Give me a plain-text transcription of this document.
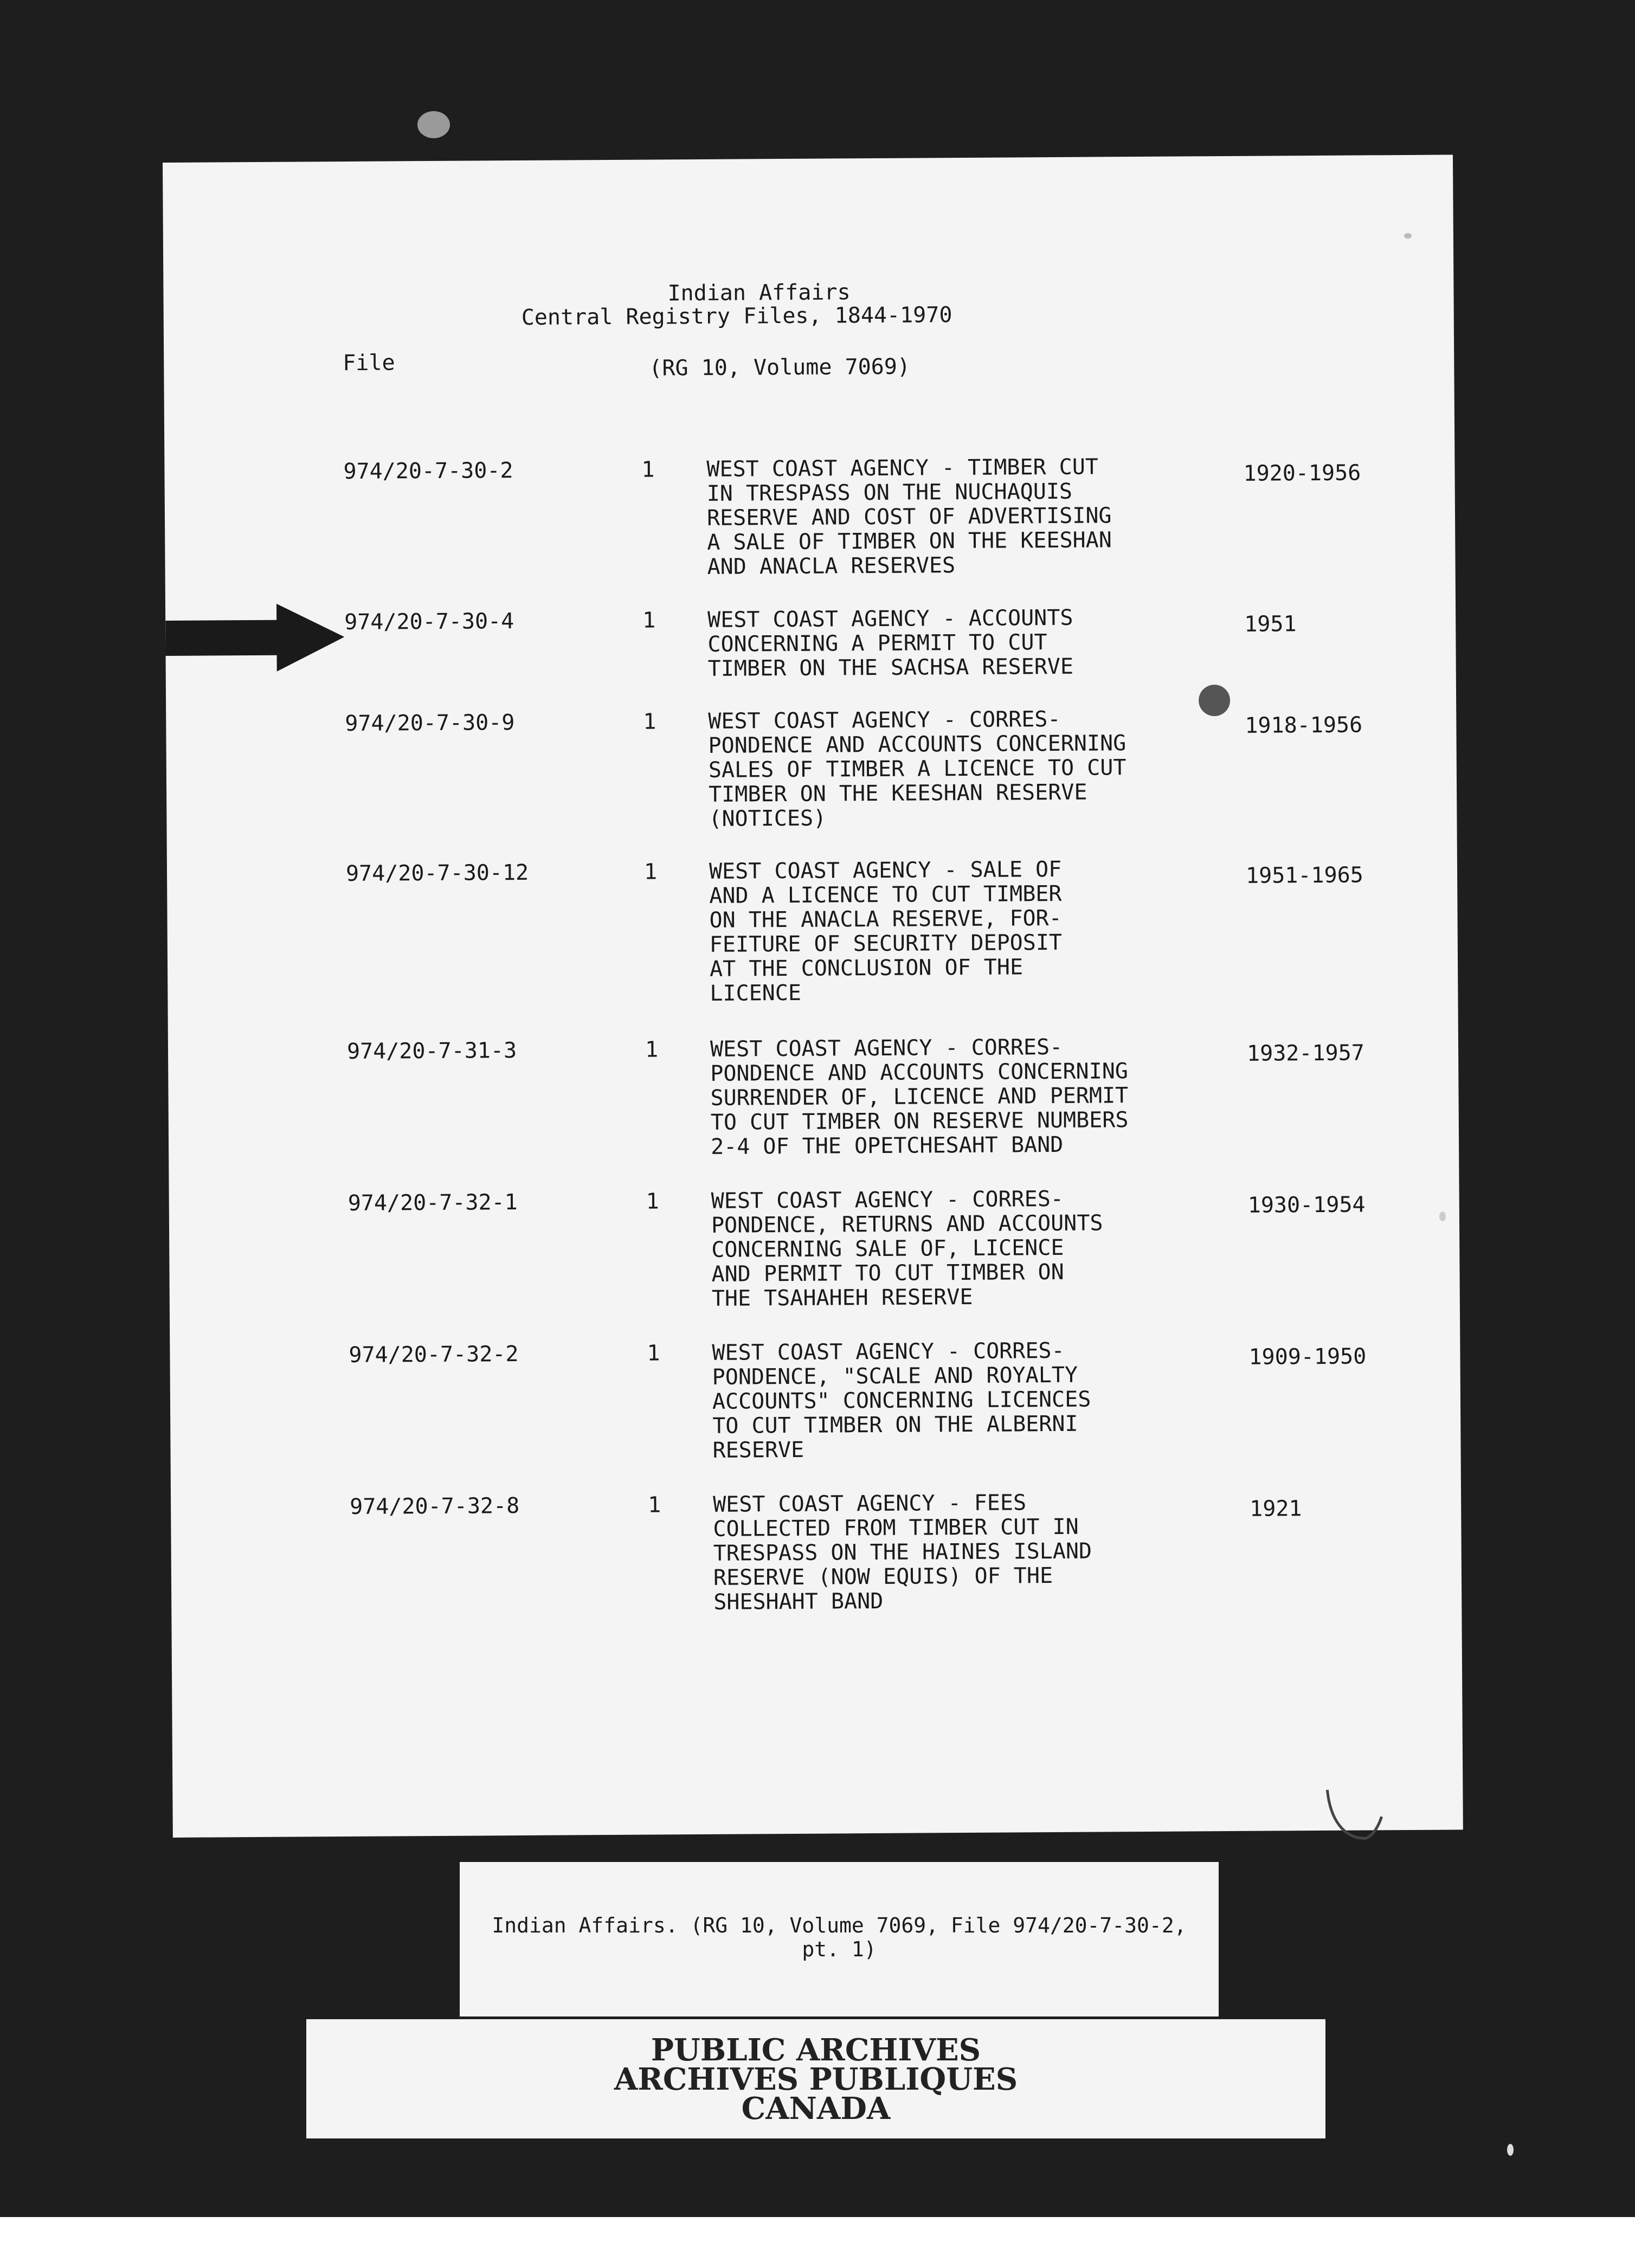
Indian Affairs
Central Registry Files, 1844-1970
File	(RG 10, Volume 7069)
974/20-7-30-2	1 WEST COAST AGENCY - TIMBER CUT
IN TRESPASS ON THE NUCHAQUIS
RESERVE AND COST OF ADVERTISING
A SALE OF TIMBER ON THE KEESHAN
AND ANACLA RESERVES
1920-1956
974/20-7-30-4	1 WEST COAST AGENCY - ACCOUNTS
CONCERNING A PERMIT TO CUT
TIMBER ON THE SACHSA RESERVE
1951
974/20-7-30-9	1 WEST COAST AGENCY - CORRES-
PONDENCE AND ACCOUNTS CONCERNING
SALES OF TIMBER A LICENCE TO CUT
TIMBER ON THE KEESHAN RESERVE
(NOTICES)
1918-1956
974/20-7-30-12	1 WEST COAST AGENCY - SALE OF
AND A LICENCE TO CUT TIMBER
ON THE ANACLA RESERVE, FOR-
FEITURE OF SECURITY DEPOSIT
AT THE CONCLUSION OF THE
LICENCE
1951-1965
974/20-7-31-3	1 WEST COAST AGENCY - CORRES-
PONDENCE AND ACCOUNTS CONCERNING
SURRENDER OF, LICENCE AND PERMIT
TO CUT TIMBER ON RESERVE NUMBERS
2-4 OF THE OPETCHESAHT BAND
1932-1957
974/20-7-32-1	1 WEST COAST AGENCY - CORRES-
PONDENCE, RETURNS AND ACCOUNTS
CONCERNING SALE OF, LICENCE
AND PERMIT TO CUT TIMBER ON
THE TSAHAHEH RESERVE
1930-1954
974/20-7-32-2	1 WEST COAST AGENCY - CORRES-
PONDENCE, "SCALE AND ROYALTY
ACCOUNTS" CONCERNING LICENCES
TO CUT TIMBER ON THE ALBERNI
RESERVE
1909-1950
974/20-7-32-8	1 WEST COAST AGENCY - FEES
COLLECTED FROM TIMBER CUT IN
TRESPASS ON THE HAINES ISLAND
RESERVE (NOW EQUIS) OF THE
SHESHAHT BAND
1921
Indian Affairs. (RG 10, Volume 7069, File 974/20-7-30-2,
pt. 1)
PUBLIC ARCHIVES
ARCHIVES PUBLIQUES
CANADA
